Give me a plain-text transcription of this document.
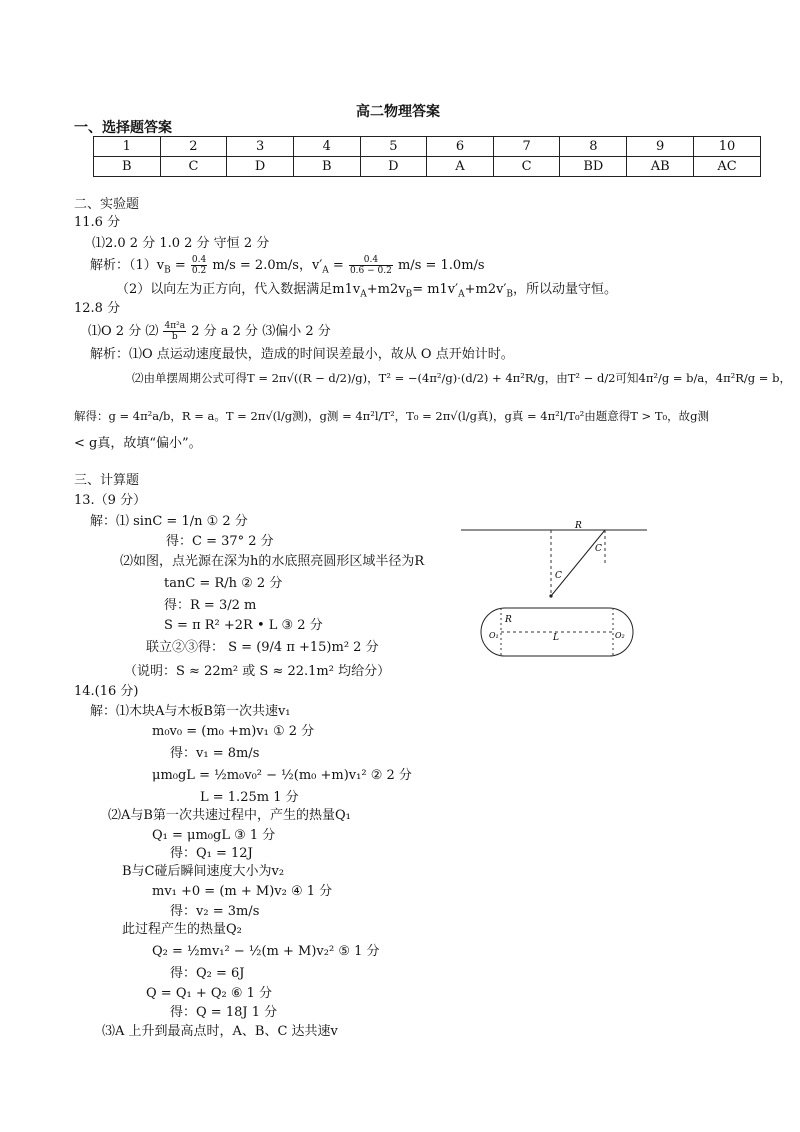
高二物理答案
一、选择题答案
1	2	3	4	5	6	7	8	9	10
B	C	D	B	D	A	C	BD	AB	AC
二、实验题
11.6 分
⑴2.0 2 分 1.0 2 分 守恒 2 分
解析：$(1)v_B = \frac{0.4}{0.2} m/s = 2.0m/s$，$v'_A = \frac{0.4}{0.6 - 0.2} m/s = 1.0m/s$
（2）以向左为正方向，代入数据满足$m1v_A+m2v_B= m1v'_A+m2v'_B$，所以动量守恒。
12.8 分
⑴O 2 分 ⑵ $\frac{\text{4π²a}}{b} 2$ 分 a 2 分 ⑶偏小 2 分
解析：⑴O 点运动速度最快，造成的时间误差最小，故从 O 点开始计时。
⑵由单摆周期公式可得T = 2π√((R − d/2)/g)，T² = −(4π²/g)·(d/2) + 4π²R/g，由T² − d/2可知4π²/g = b/a，4π²R/g = b，
解得：g = 4π²a/b，R = a。T = 2π√(l/g测)，g测 = 4π²l/T²，T₀ = 2π√(l/g真)，g真 = 4π²l/T₀²由题意得T > T₀，故g测
< g真，故填“偏小”。
三、计算题
13.（9 分）
解：⑴ sinC = 1/n ① 2 分
得：C = 37° 2 分
⑵如图，点光源在深为h的水底照亮圆形区域半径为R
tanC = R/h ② 2 分
得：R = 3/2 m
S = π R² +2R • L ③ 2 分
联立②③得： S = (9/4 π +15)m² 2 分
（说明：S ≈ 22m² 或 S ≈ 22.1m² 均给分）
R
C
C
R
L
O₁	O₂
14.(16 分)
解：⑴木块A与木板B第一次共速v₁
m₀v₀ = (m₀ +m)v₁ ① 2 分
得：v₁ = 8m/s
μm₀gL = ½m₀v₀² − ½(m₀ +m)v₁² ② 2 分
L = 1.25m 1 分
⑵A与B第一次共速过程中，产生的热量Q₁
Q₁ = μm₀gL ③ 1 分
得：Q₁ = 12J
B与C碰后瞬间速度大小为v₂
mv₁ +0 = (m + M)v₂ ④ 1 分
得：v₂ = 3m/s
此过程产生的热量Q₂
Q₂ = ½mv₁² − ½(m + M)v₂² ⑤ 1 分
得：Q₂ = 6J
Q = Q₁ + Q₂ ⑥ 1 分
得：Q = 18J 1 分
⑶A 上升到最高点时，A、B、C 达共速v
